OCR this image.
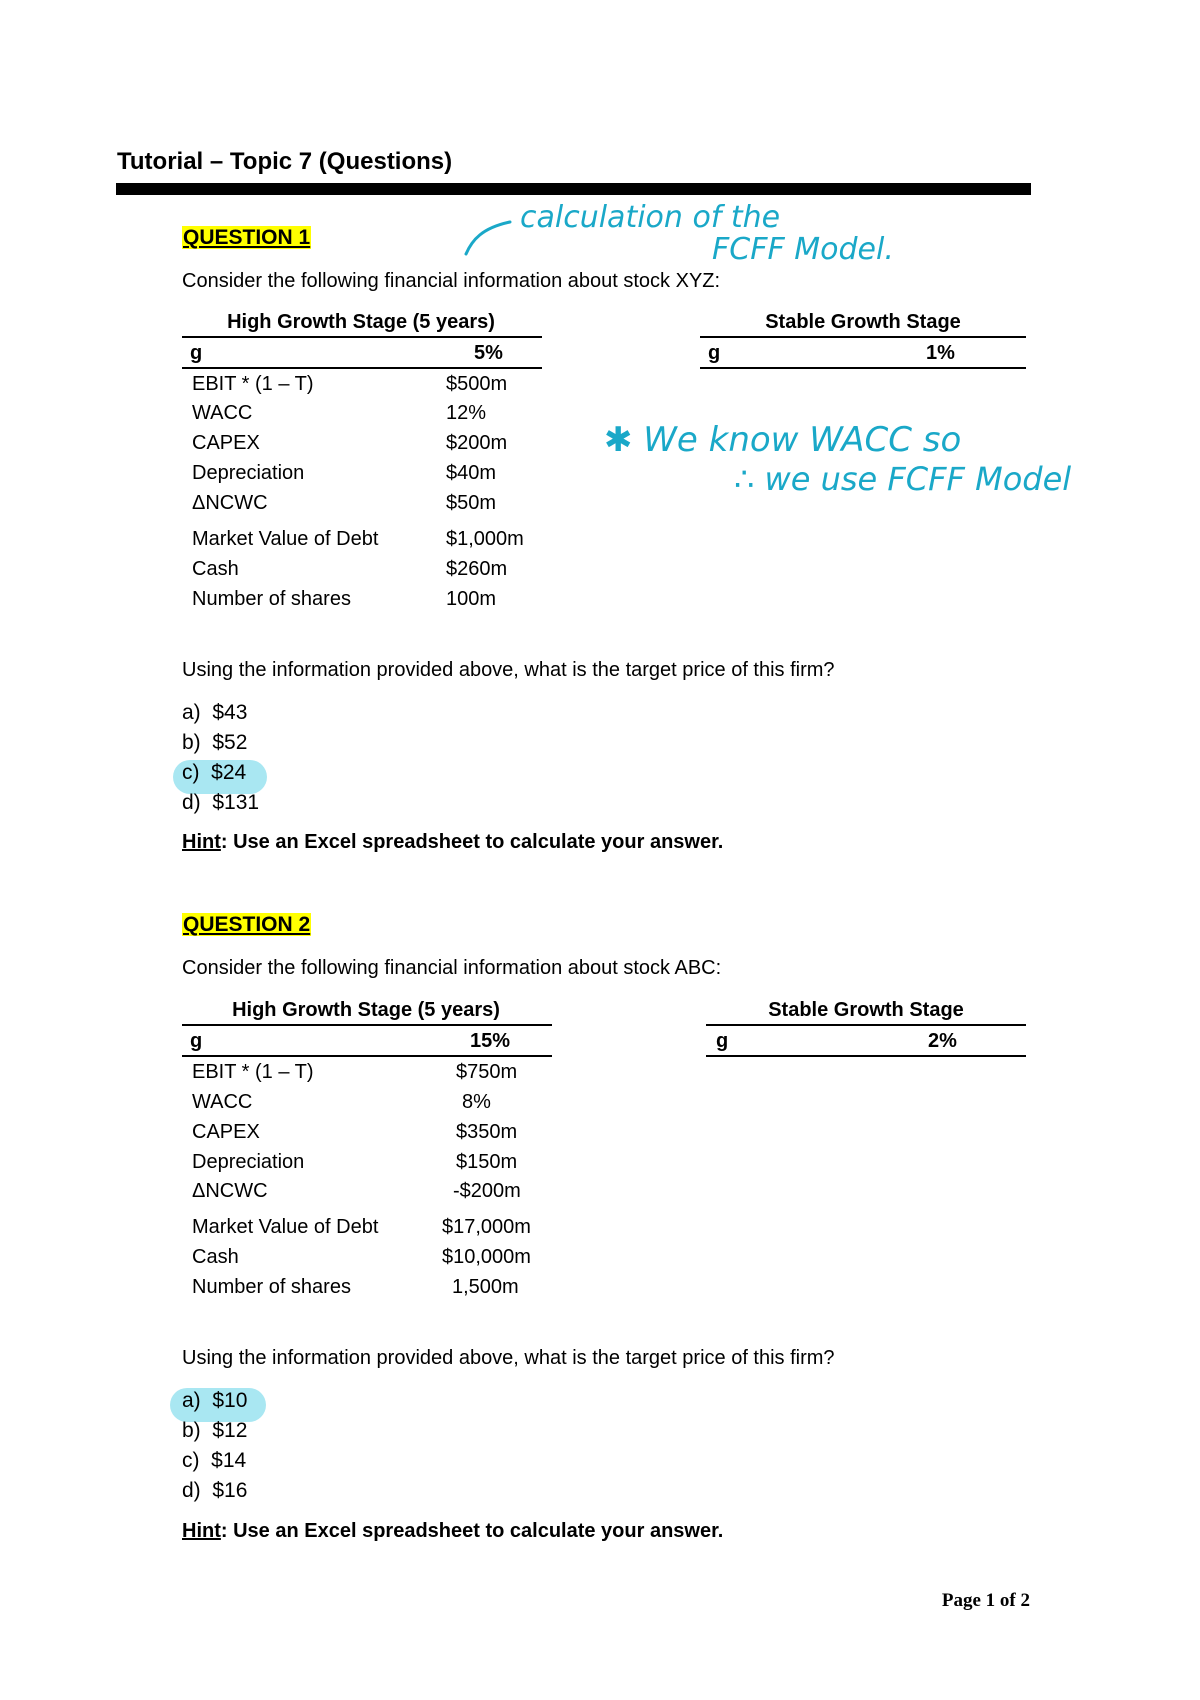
Tutorial – Topic 7 (Questions)
calculation of the
FCFF Model.
✱ We know WACC so
∴ we use FCFF Model
QUESTION 1
Consider the following financial information about stock XYZ:
High Growth Stage (5 years)
g	5%
Stable Growth Stage
g	1%
EBIT * (1 – T)	$500m
WACC	12%
CAPEX	$200m
Depreciation	$40m
ΔNCWC	$50m
Market Value of Debt	$1,000m
Cash	$260m
Number of shares	100m
Using the information provided above, what is the target price of this firm?
a)  $43
b)  $52
c)  $24
d)  $131
Hint: Use an Excel spreadsheet to calculate your answer.
QUESTION 2
Consider the following financial information about stock ABC:
High Growth Stage (5 years)
g	15%
Stable Growth Stage
g	2%
EBIT * (1 – T)	$750m
WACC	8%
CAPEX	$350m
Depreciation	$150m
ΔNCWC	-$200m
Market Value of Debt	$17,000m
Cash	$10,000m
Number of shares	1,500m
Using the information provided above, what is the target price of this firm?
a)  $10
b)  $12
c)  $14
d)  $16
Hint: Use an Excel spreadsheet to calculate your answer.
Page 1 of 2
